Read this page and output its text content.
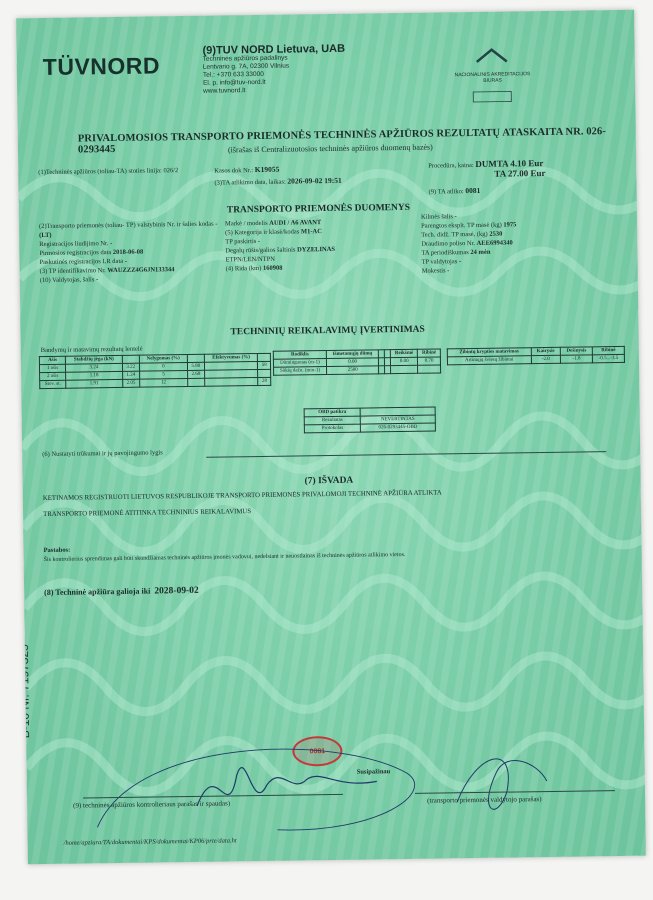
TÜVNORD
(9)TUV NORD Lietuva, UAB
Techninės apžiūros padalinys
Lentvario g. 7A, 02300 Vilnius
Tel.: +370 633 33000
El. p. info@tuv-nord.lt
www.tuvnord.lt
NACIONALINIS AKREDITACIJOS BIURAS
PRIVALOMOSIOS TRANSPORTO PRIEMONĖS TECHNINĖS APŽIŪROS REZULTATŲ ATASKAITA NR. 026-0293445	(išrašas iš Centralizuotosios techninės apžiūros duomenų bazės)
(1)Techninės apžiūros (toliau-TA) stoties linija: 026/2	Kasos dok Nr.: K19055
(3)TA atlikimo data, laikas: 2026-09-02 19:51
Procedūra, kaina: DUMTA 4.10 Eur
TA 27.00 Eur
(9) TA atliko: 0081
TRANSPORTO PRIEMONĖS DUOMENYS
(2)Transporto priemonės (toliau- TP) valstybinis Nr. ir šalies kodas - (LT)
Registracijos liudijimo Nr. -
Pirmosios registracijos data 2018-06-08
Paskutinės registracijos LR data -
(3) TP identifikavimo Nr. WAUZZZ4G6JN133344
(10) Valdytojas, šalis -
Markė / modelis AUDI / A6 AVANT
(5) Kategorija ir klasė/kodas M1-AC
TP paskirtis -
Degalų rūšis/galios šaltinis DYZELINAS
ETPN/LEN/NTPN
(4) Rida (km) 160908
Kilmės šalis -
Parengtos eksplt. TP masė (kg) 1975
Tech. didž. TP masė, (kg) 2530
Draudimo poliso Nr. AEE6994340
TA periodiškumas 24 mėn
TP valdytojas -
Mokestis -
TECHNINIŲ REIKALAVIMŲ ĮVERTINIMAS
Bandymų ir matavimų rezultatų lentelė
Ašis	Stabdžių jėga (kN)		Nelygumas (%)		Efektyvumas (%)	
1 ašis	3.24	3.22	0	5.80		58
2 ašis	1.18	1.24	5	2.68		
Stov. st.	1.91	2.05	12			28
Rodiklis	Išmetamųjų dūmų			Reikšmė	Ribinė
Dūmingumas (m-1)	0.00			0.00	0.70
Sūkių dažn. (min-1)	2500				
Žibintų krypties matavimas	Kairysis	Dešinysis	Ribinė
Artimųjų šviesų žibintai	-2.0	-1.8	-0.5...-3.5
OBD patikra	
Rezultatas	NEVERTINTAS
Protokolas	026-0293445-OBD
(6) Nustatyti trūkumai ir jų pavojingumo lygis
(7) IŠVADA
KETINAMOS REGISTRUOTI LIETUVOS RESPUBLIKOJE TRANSPORTO PRIEMONĖS PRIVALOMOJI TECHNINĖ APŽIŪRA ATLIKTA
TRANSPORTO PRIEMONĖ ATITINKA TECHNINIUS REIKALAVIMUS
Pastabos:
Šis kontrolierius sprendimas gali būti skundžiamas techninės apžiūros įmonės vadovui, nedelsiant ir neuostlainas iš techninės apžiūros atlikimo vietos.
(8) Techninė apžiūra galioja iki 2028-09-02
0081
Susipažinau
(9) techninės apžiūros kontrolieriaus parašas ir spaudas)	(transporto priemonės valdytojo parašas)
B-10 Nr. 7197325
/home/apziura/TA/dokumentai/KPS/dokumentai/KP06/prte/data.ht
